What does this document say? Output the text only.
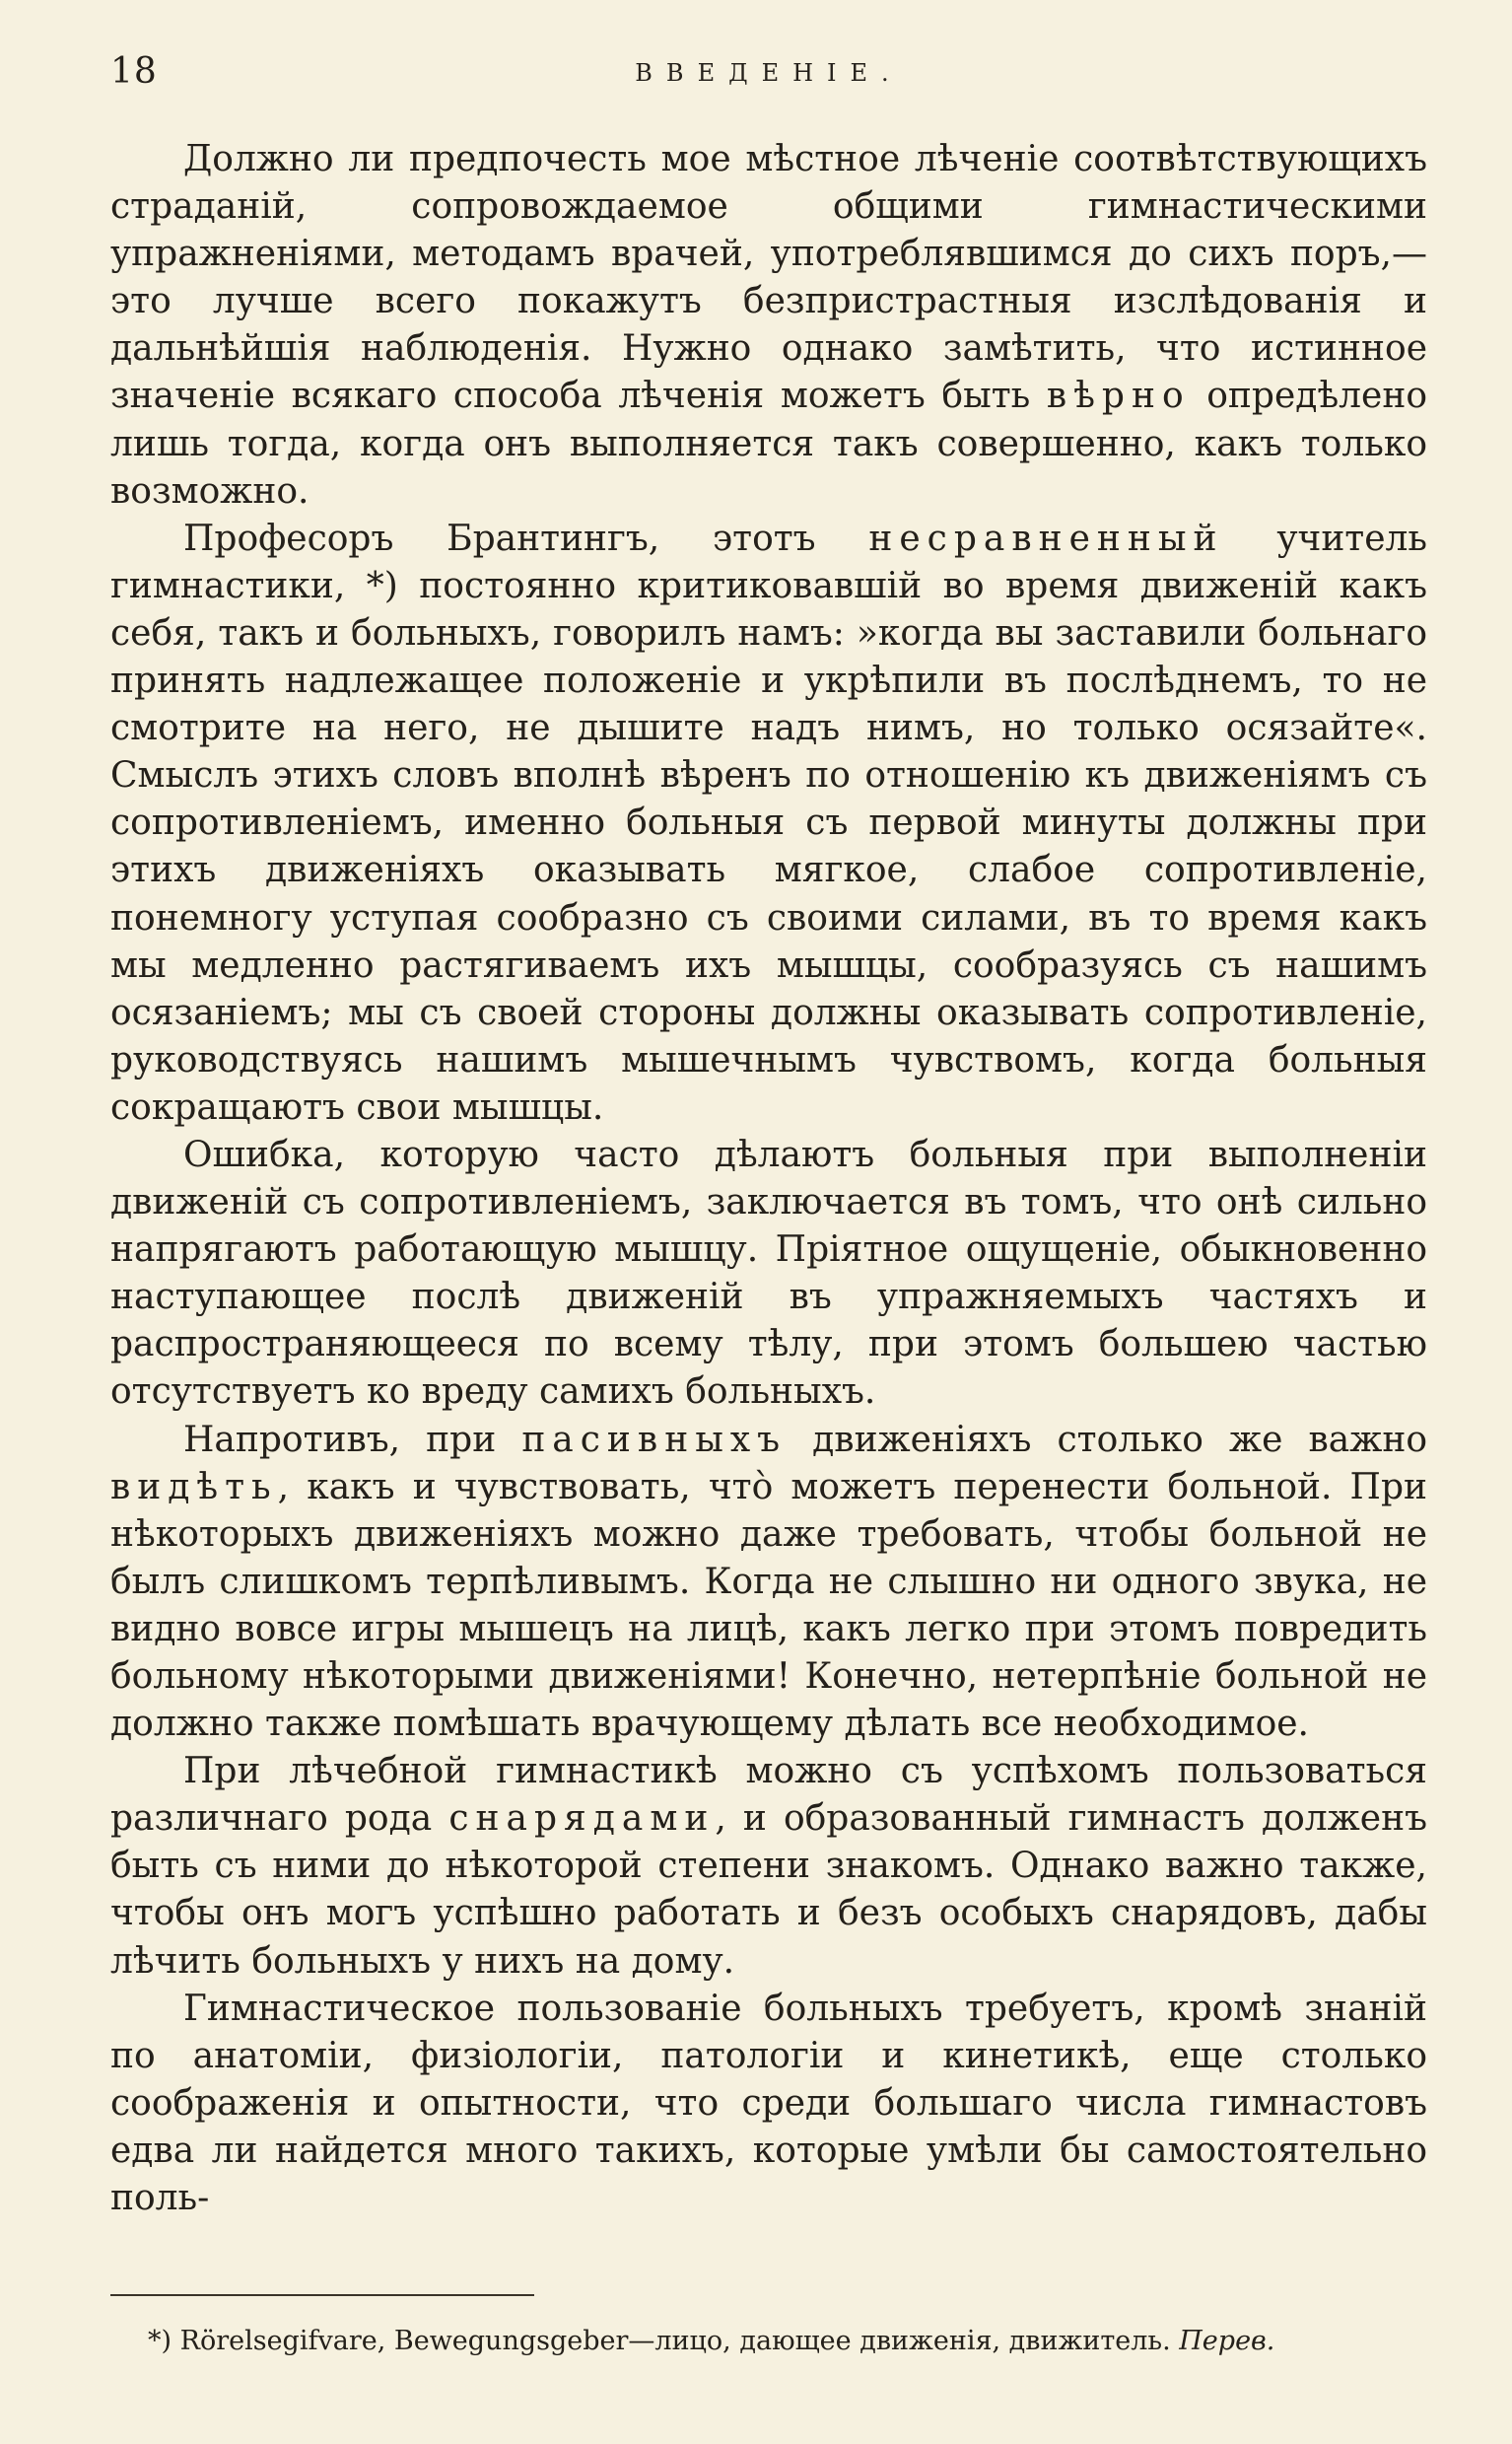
18	ВВЕДЕНІЕ.

Должно ли предпочесть мое мѣстное лѣченіе соотвѣтствующихъ страданій, сопровождаемое общими гимнастическими упражненіями, методамъ врачей, употреблявшимся до сихъ поръ,— это лучше всего покажутъ безпристрастныя изслѣдованія и дальнѣйшія наблюденія. Нужно однако замѣтить, что истинное значеніе всякаго способа лѣченія можетъ быть вѣрно опредѣлено лишь тогда, когда онъ выполняется такъ совершенно, какъ только возможно.

Професоръ Брантингъ, этотъ несравненный учитель гимнастики, *) постоянно критиковавшій во время движеній какъ себя, такъ и больныхъ, говорилъ намъ: »когда вы заставили больнаго принять надлежащее положеніе и укрѣпили въ послѣднемъ, то не смотрите на него, не дышите надъ нимъ, но только осязайте«. Смыслъ этихъ словъ вполнѣ вѣренъ по отношенію къ движеніямъ съ сопротивленіемъ, именно больныя съ первой минуты должны при этихъ движеніяхъ оказывать мягкое, слабое сопротивленіе, понемногу уступая сообразно съ своими силами, въ то время какъ мы медленно растягиваемъ ихъ мышцы, сообразуясь съ нашимъ осязаніемъ; мы съ своей стороны должны оказывать сопротивленіе, руководствуясь нашимъ мышечнымъ чувствомъ, когда больныя сокращаютъ свои мышцы.

Ошибка, которую часто дѣлаютъ больныя при выполненіи движеній съ сопротивленіемъ, заключается въ томъ, что онѣ сильно напрягаютъ работающую мышцу. Пріятное ощущеніе, обыкновенно наступающее послѣ движеній въ упражняемыхъ частяхъ и распространяющееся по всему тѣлу, при этомъ большею частью отсутствуетъ ко вреду самихъ больныхъ.

Напротивъ, при пасивныхъ движеніяхъ столько же важно видѣть, какъ и чувствовать, что̀ можетъ перенести больной. При нѣкоторыхъ движеніяхъ можно даже требовать, чтобы больной не былъ слишкомъ терпѣливымъ. Когда не слышно ни одного звука, не видно вовсе игры мышецъ на лицѣ, какъ легко при этомъ повредить больному нѣкоторыми движеніями! Конечно, нетерпѣніе больной не должно также помѣшать врачующему дѣлать все необходимое.

При лѣчебной гимнастикѣ можно съ успѣхомъ пользоваться различнаго рода снарядами, и образованный гимнастъ долженъ быть съ ними до нѣкоторой степени знакомъ. Однако важно также, чтобы онъ могъ успѣшно работать и безъ особыхъ снарядовъ, дабы лѣчить больныхъ у нихъ на дому.

Гимнастическое пользованіе больныхъ требуетъ, кромѣ знаній по анатоміи, физіологіи, патологіи и кинетикѣ, еще столько соображенія и опытности, что среди большаго числа гимнастовъ едва ли найдется много такихъ, которые умѣли бы самостоятельно поль-

*) Rörelsegifvare, Bewegungsgeber—лицо, дающее движенія, движитель. Перев.
